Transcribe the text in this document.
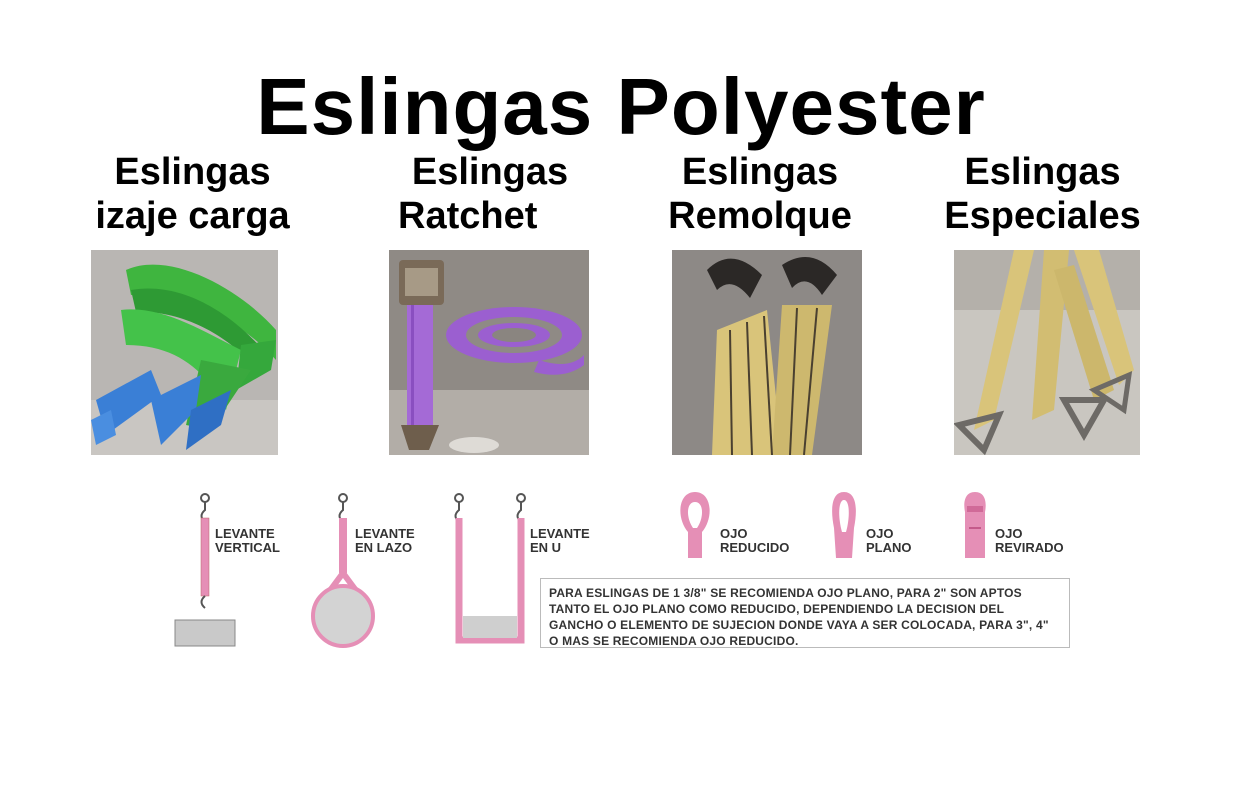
Eslingas Polyester
Eslingas
izaje carga
Eslingas
Ratchet
Eslingas
Remolque
Eslingas
Especiales
LEVANTE
VERTICAL
LEVANTE
EN LAZO
LEVANTE
EN U
OJO
REDUCIDO
OJO
PLANO
OJO
REVIRADO
PARA ESLINGAS DE 1 3/8" SE RECOMIENDA OJO PLANO, PARA 2" SON APTOS TANTO EL OJO PLANO COMO REDUCIDO, DEPENDIENDO LA DECISION DEL GANCHO O ELEMENTO DE SUJECION DONDE VAYA A SER COLOCADA, PARA 3", 4" O MAS SE RECOMIENDA OJO REDUCIDO.
